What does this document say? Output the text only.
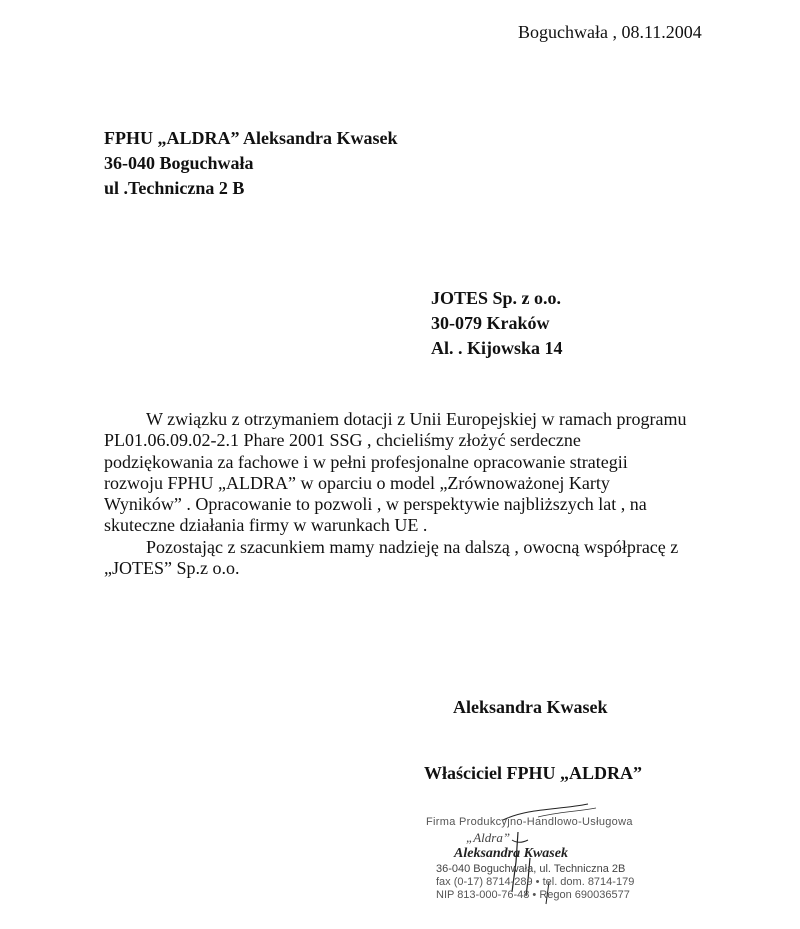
Boguchwała , 08.11.2004
FPHU „ALDRA” Aleksandra Kwasek
36-040 Boguchwała
ul .Techniczna 2 B
JOTES Sp. z o.o.
30-079 Kraków
Al. . Kijowska 14
W związku z otrzymaniem dotacji z Unii Europejskiej w ramach programu
PL01.06.09.02-2.1 Phare 2001 SSG , chcieliśmy złożyć serdeczne
podziękowania za fachowe i w pełni profesjonalne opracowanie strategii
rozwoju FPHU „ALDRA” w oparciu o model „Zrównoważonej Karty
Wyników” . Opracowanie to pozwoli , w perspektywie najbliższych lat , na
skuteczne działania firmy w warunkach UE .
Pozostając z szacunkiem mamy nadzieję na dalszą , owocną współpracę z
„JOTES” Sp.z o.o.
Aleksandra Kwasek
Właściciel FPHU „ALDRA”
Firma Produkcyjno-Handlowo-Usługowa
„Aldra”
Aleksandra Kwasek
36-040 Boguchwała, ul. Techniczna 2B
fax (0-17) 8714-289 • tel. dom. 8714-179
NIP 813-000-76-48 • Regon 690036577
